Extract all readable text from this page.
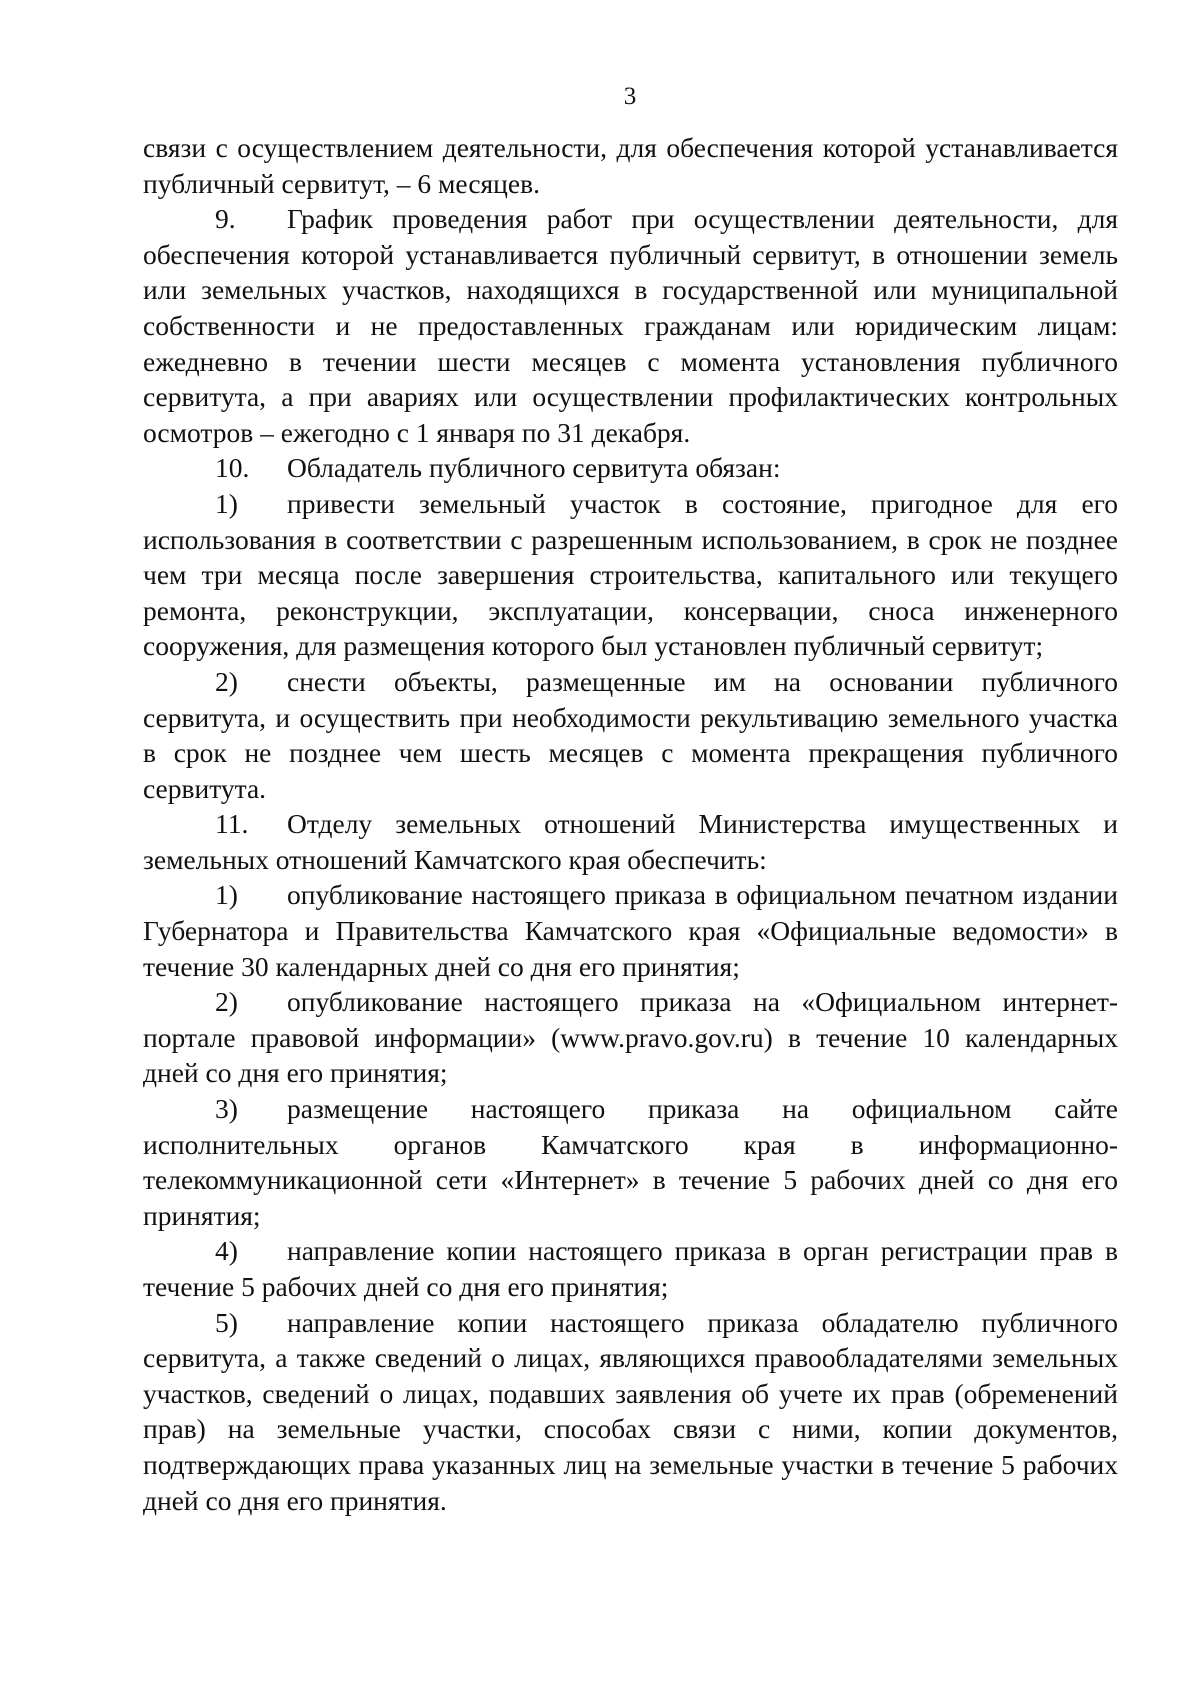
3

связи с осуществлением деятельности, для обеспечения которой устанавливается публичный сервитут, – 6 месяцев.

9. График проведения работ при осуществлении деятельности, для обеспечения которой устанавливается публичный сервитут, в отношении земель или земельных участков, находящихся в государственной или муниципальной собственности и не предоставленных гражданам или юридическим лицам: ежедневно в течении шести месяцев с момента установления публичного сервитута, а при авариях или осуществлении профилактических контрольных осмотров – ежегодно с 1 января по 31 декабря.

10. Обладатель публичного сервитута обязан:

1) привести земельный участок в состояние, пригодное для его использования в соответствии с разрешенным использованием, в срок не позднее чем три месяца после завершения строительства, капитального или текущего ремонта, реконструкции, эксплуатации, консервации, сноса инженерного сооружения, для размещения которого был установлен публичный сервитут;

2) снести объекты, размещенные им на основании публичного сервитута, и осуществить при необходимости рекультивацию земельного участка в срок не позднее чем шесть месяцев с момента прекращения публичного сервитута.

11. Отделу земельных отношений Министерства имущественных и земельных отношений Камчатского края обеспечить:

1) опубликование настоящего приказа в официальном печатном издании Губернатора и Правительства Камчатского края «Официальные ведомости» в течение 30 календарных дней со дня его принятия;

2) опубликование настоящего приказа на «Официальном интернет-портале правовой информации» (www.pravo.gov.ru) в течение 10 календарных дней со дня его принятия;

3) размещение настоящего приказа на официальном сайте исполнительных органов Камчатского края в информационно-телекоммуникационной сети «Интернет» в течение 5 рабочих дней со дня его принятия;

4) направление копии настоящего приказа в орган регистрации прав в течение 5 рабочих дней со дня его принятия;

5) направление копии настоящего приказа обладателю публичного сервитута, а также сведений о лицах, являющихся правообладателями земельных участков, сведений о лицах, подавших заявления об учете их прав (обременений прав) на земельные участки, способах связи с ними, копии документов, подтверждающих права указанных лиц на земельные участки в течение 5 рабочих дней со дня его принятия.
